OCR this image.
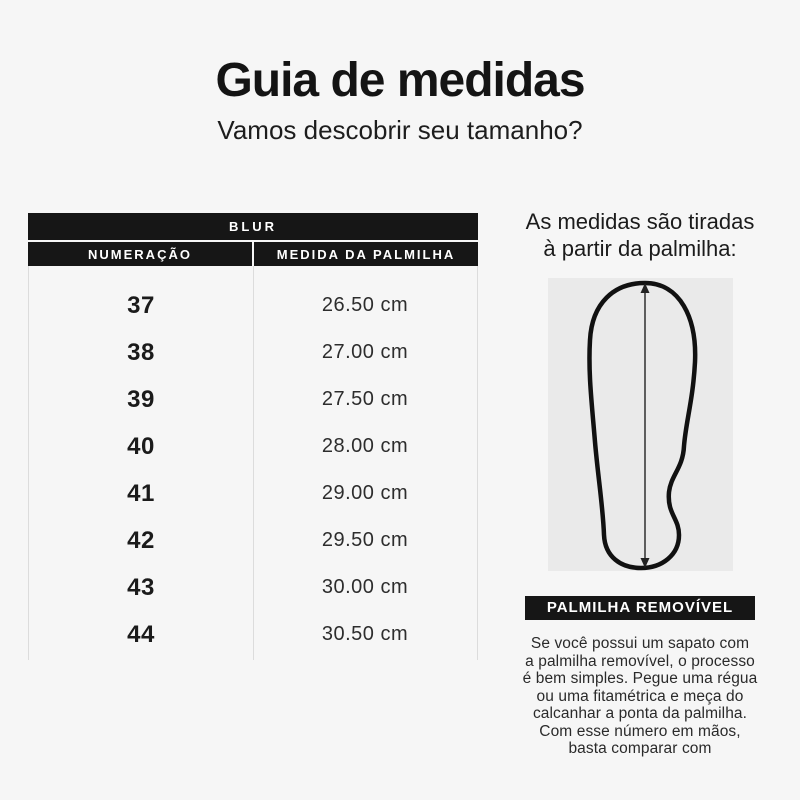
Guia de medidas
Vamos descobrir seu tamanho?
BLUR
NUMERAÇÃO	MEDIDA DA PALMILHA
37	26.50 cm
38	27.00 cm
39	27.50 cm
40	28.00 cm
41	29.00 cm
42	29.50 cm
43	30.00 cm
44	30.50 cm
As medidas são tiradas
à partir da palmilha:
PALMILHA REMOVÍVEL
Se você possui um sapato com
a palmilha removível, o processo
é bem simples. Pegue uma régua
ou uma fitamétrica e meça do
calcanhar a ponta da palmilha.
Com esse número em mãos,
basta comparar com
